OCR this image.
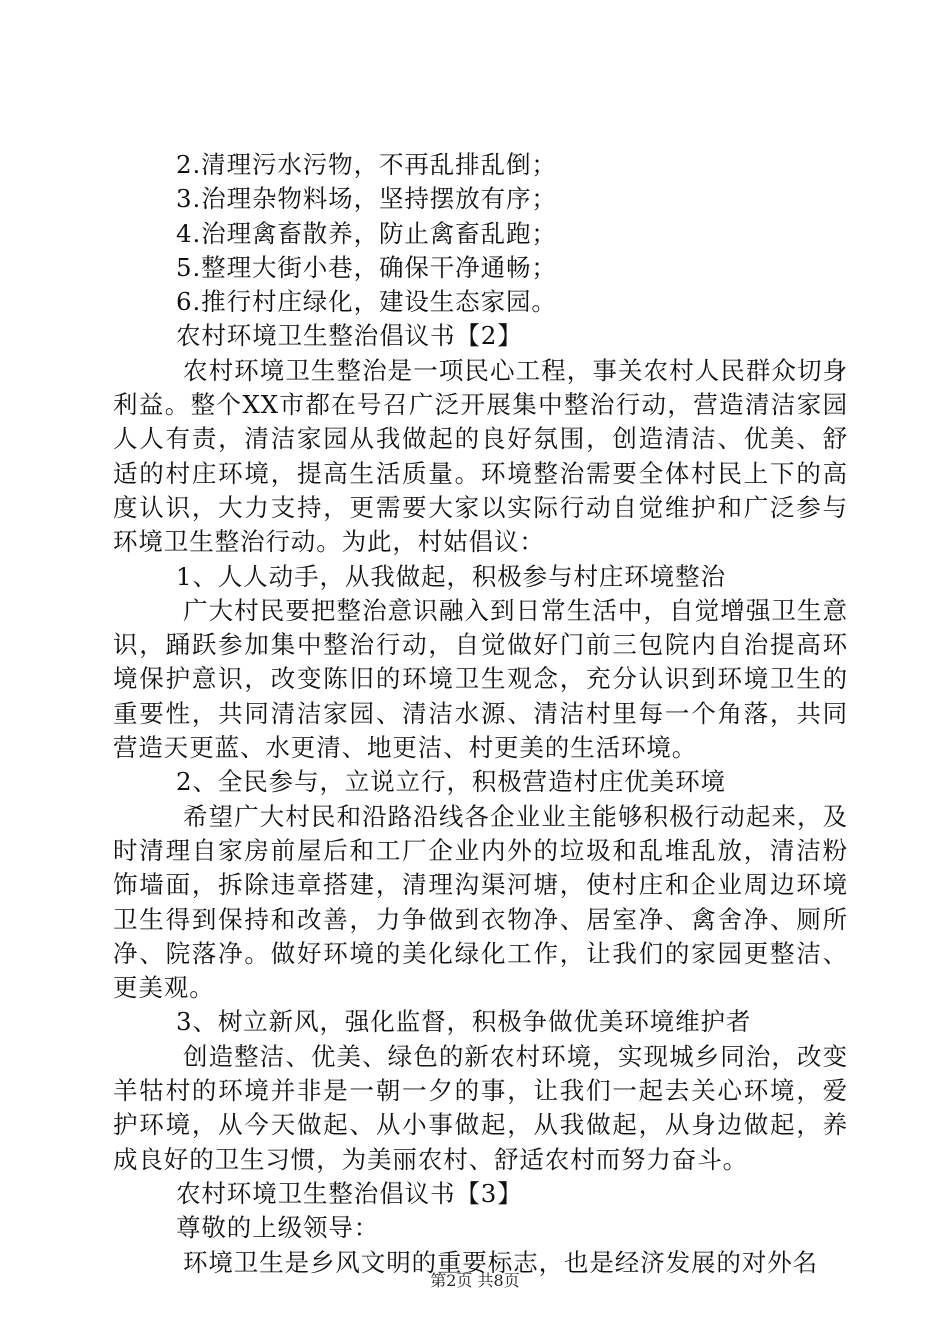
2.清理污水污物，不再乱排乱倒；

3.治理杂物料场，坚持摆放有序；

4.治理禽畜散养，防止禽畜乱跑；

5.整理大街小巷，确保干净通畅；

6.推行村庄绿化，建设生态家园。

农村环境卫生整治倡议书【2】

农村环境卫生整治是一项民心工程，事关农村人民群众切身利益。整个XX市都在号召广泛开展集中整治行动，营造清洁家园人人有责，清洁家园从我做起的良好氛围，创造清洁、优美、舒适的村庄环境，提高生活质量。环境整治需要全体村民上下的高度认识，大力支持，更需要大家以实际行动自觉维护和广泛参与环境卫生整治行动。为此，村姑倡议：

1、人人动手，从我做起，积极参与村庄环境整治

广大村民要把整治意识融入到日常生活中，自觉增强卫生意识，踊跃参加集中整治行动，自觉做好门前三包院内自治提高环境保护意识，改变陈旧的环境卫生观念，充分认识到环境卫生的重要性，共同清洁家园、清洁水源、清洁村里每一个角落，共同营造天更蓝、水更清、地更洁、村更美的生活环境。

2、全民参与，立说立行，积极营造村庄优美环境

希望广大村民和沿路沿线各企业业主能够积极行动起来，及时清理自家房前屋后和工厂企业内外的垃圾和乱堆乱放，清洁粉饰墙面，拆除违章搭建，清理沟渠河塘，使村庄和企业周边环境卫生得到保持和改善，力争做到衣物净、居室净、禽舍净、厕所净、院落净。做好环境的美化绿化工作，让我们的家园更整洁、更美观。

3、树立新风，强化监督，积极争做优美环境维护者

创造整洁、优美、绿色的新农村环境，实现城乡同治，改变羊牯村的环境并非是一朝一夕的事，让我们一起去关心环境，爱护环境，从今天做起、从小事做起，从我做起，从身边做起，养成良好的卫生习惯，为美丽农村、舒适农村而努力奋斗。

农村环境卫生整治倡议书【3】

尊敬的上级领导：

环境卫生是乡风文明的重要标志，也是经济发展的对外名

第2页 共8页
